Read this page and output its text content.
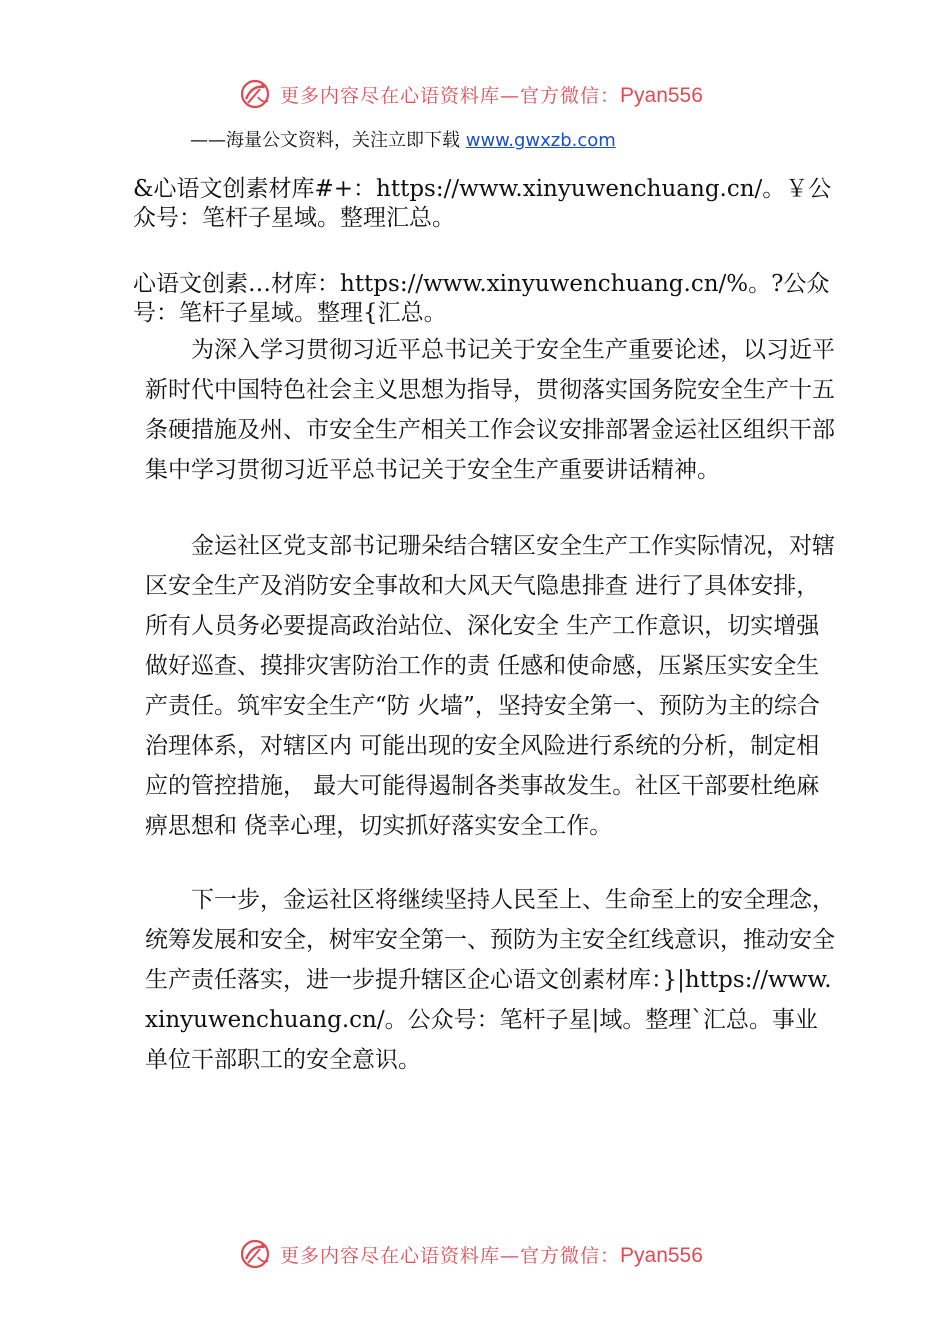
更多内容尽在心语资料库—官方微信：Pyan556
——海量公文资料，关注立即下载 www.gwxzb.com

&心语文创素材库#+：https://www.xinyuwenchuang.cn/。￥公众号：笔杆子星域。整理汇总。

心语文创素…材库：https://www.xinyuwenchuang.cn/%。?公众号：笔杆子星域。整理{汇总。

　　为深入学习贯彻习近平总书记关于安全生产重要论述，以习近平新时代中国特色社会主义思想为指导，贯彻落实国务院安全生产十五条硬措施及州、市安全生产相关工作会议安排部署金运社区组织干部集中学习贯彻习近平总书记关于安全生产重要讲话精神。

　　金运社区党支部书记珊朵结合辖区安全生产工作实际情况，对辖区安全生产及消防安全事故和大风天气隐患排查 进行了具体安排，所有人员务必要提高政治站位、深化安全 生产工作意识，切实增强做好巡查、摸排灾害防治工作的责 任感和使命感，压紧压实安全生产责任。筑牢安全生产“防 火墙”，坚持安全第一、预防为主的综合治理体系，对辖区内 可能出现的安全风险进行系统的分析，制定相应的管控措施， 最大可能得遏制各类事故发生。社区干部要杜绝麻痹思想和 侥幸心理，切实抓好落实安全工作。

　　下一步，金运社区将继续坚持人民至上、生命至上的安全理念，统筹发展和安全，树牢安全第一、预防为主安全红线意识，推动安全生产责任落实，进一步提升辖区企心语文创素材库：}|https://www.xinyuwenchuang.cn/。公众号：笔杆子星|域。整理`汇总。事业单位干部职工的安全意识。

更多内容尽在心语资料库—官方微信：Pyan556
